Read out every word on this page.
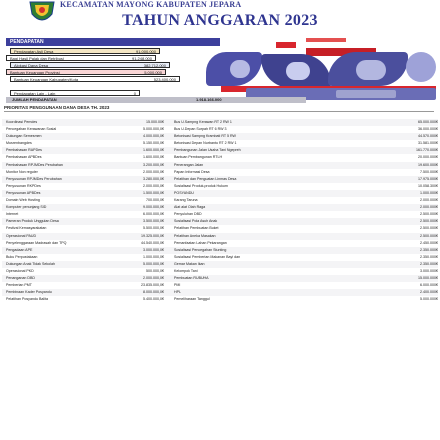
KECAMATAN MAYONG KABUPATEN JEPARA
TAHUN ANGGARAN 2023
PENDAPATAN
Pendapatan Asli Desa	91.000.000
Bagi Hasil Pajak dan Retribusi	91.248.000
Alokasi Dana Desa	382.712.000
Bantuan Keuangan Provinsi	5.000.000
Bantuan Keuangan Kabupaten/Kota	523.400.000
Pendapatan Lain - Lain	0
JUMLAH PENDAPATAN	1.918.166.000
PRIORITAS PENGGUNAAN DANA DESA TH. 2023
Koordinasi Pemdes	15.000.00€	Bus U.Sampng Kerawan RT 2 RW 1	65.000.000€
Pencegahan Kerawanan Sosial	5.000.000,0€	Bus U.Depan Surpah RT 6 RW 3	36.000.000€
Dukungan Semesmen	4.000.000,0€	Betonisasi Sampng Krambati RT 5 RW	44.570.000€
Musrenbangdes	5.150.000,0€	Betonisasi Depan Nurbantu RT 2 RW 1	31.581.000€
Pembahasan RAPDes	1.600.000,0€	Pembangunan Jalan Usaha Tani Ngepreh	161.770.000€
Pembahasan APBDes	1.600.000,0€	Bantuan Pembangunan RTLH	20.000.000€
Pembahasan RPJMDes Perubahan	3.200.000,0€	Penerangan Jalan	19.600.000€
Monitor Non reguler	2.000.000,0€	Papan Informasi Desa	7.500.000€
Penyusunan RPJMDes Perubahan	3.280.000,0€	Pelatihan dan Penguatan Linmas Desa	17.975.000€
Penyusunan RKPDes	2.000.000,0€	Sosialisasi Produk-produk Hukum	10.058.300€
Penyusunan APBDes	1.500.000,0€	POSYANDU	1.000.000€
Domain Web Hosting	700.000,0€	Karang Taruna	2.000.000€
Komputer penunjang SID	9.000.000,0€	Alat alat Olah Raga	2.000.000€
Internet	6.000.000,0€	Penyuluhan DBD	2.500.000€
Pameran Produk Unggulan Desa	3.500.000,0€	Sosialisasi Pola Asuh Anak	2.500.000€
Festival Kemasyarakatan	5.500.000,0€	Pelatihan Pembuatan Buket	2.500.000€
Operasional PAUD	19.325.000,0€	Pelatihan Aneka Masakan	2.500.000€
Penyelenggaraan Madrasah dan TPQ	44.540.000,0€	Pemanfaatan Lahan Pekarangan	2.450.000€
Pengadaan APE	3.000.000,0€	Sosialisasi Pencegahan Stunting	2.350.000€
Buku Perpustakaan	1.000.000,0€	Sosialisasi Pemberian Makanan Bayi dan	2.350.000€
Dukungan Anak Tidak Sekolah	5.000.000,0€	Gemar Makan Ikan	2.350.000€
Operasional PKD	500.000,0€	Kelompok Tani	3.000.000€
Penanganan DBD	2.000.000,0€	Pembuatan RUBUHA	15.000.000€
Pemberian PMT	23.835.000,0€	PMI	6.000.000€
Pembinaan Kader Posyandu	8.000.000,0€	HPL	2.400.000€
Pelatihan Posyandu Balita	5.400.000,0€	Pemeliharaan Tanggul	5.000.000€
